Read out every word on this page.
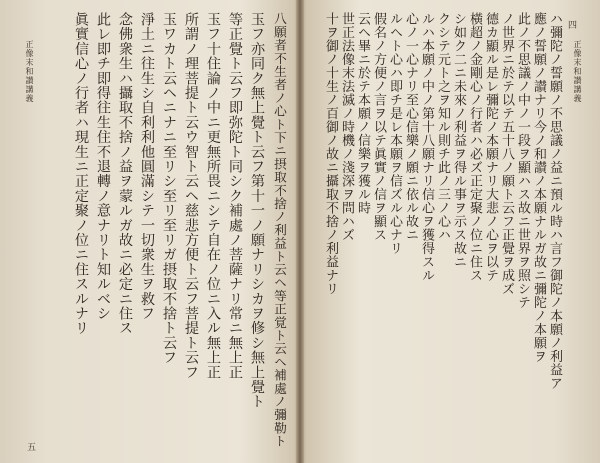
正像末和讃講義
五
八願者不生者ノ心ト下ニ摂取不捨ノ利益ト云ヘ等正覚ト云ヘ補處ノ彌勒ト
玉フ亦同ク無上覺ト云フ第十一ノ願ナリシカヲ修シ無上覺ト
等正覺ト云フ即弥陀ト同シク補處ノ菩薩ナリ常ニ無上正
玉フ十住論ノ中ニ更無所畏ニシテ自在ノ位ニ入ル無上正
所謂ノ理菩提ト云ウ智ト云ヘ慈悲方便ト云フ菩提ト云フ
玉ワカト云ヘニナニ至リシ至リ至リガ摂取不捨ト云フ
淨土ニ往生シ自利利他圓滿シテ一切衆生ヲ救フ
念佛衆生ハ攝取不捨ノ益ヲ蒙ルガ故ニ必定ニ住ス
此レ即チ即得往生住不退轉ノ意ナリト知ルベシ
眞實信心ノ行者ハ現生ニ正定聚ノ位ニ住スルナリ	正像末和讃講義
四
ハ彌陀ノ誓願ノ不思議ノ益ニ預ル時ハ言フ御陀ノ本願ノ利益ア
應ノ誓願ノ讃ナリ今ノ和讃ノ本願ナルガ故ニ彌陀ノ本願ヲ
此ノ不思議ノ中ノ一段ヲ顯ハス故ニ世界ヲ照シテ
ノ世界ニ於テ以テ五十八ノ願ト云フ正覺ヲ成ズ
德カ顯ル是レ彌陀ノ本願ナリ大悲ノ心ヲ以テ
橫超ノ金剛心ノ行者ハ必ズ正定聚ノ位ニ住ス
シ如ク二ニ未來ノ利益ヲ得ル事ヲ示ス故ニ
クシテ元ト之ヲ知ル則チ此ノ三ノ心ハ
ルハ本願ノ中ノ第十八願ナリ信心ヲ獲得スル
心ノ一心ナリ至心信樂ノ願ニ依ル故ニ
ルヘト心ハ即チ是レ本願ヲ信ズル心ナリ
假名ノ方便ノ言ヲ以テ眞實ノ信ヲ顯ス
云ヘ畢ニ於テ本願ノ信樂ヲ獲ル時
世正法像末法滅ノ時機ノ淺深ヲ問ハズ
十ヲ御ノ十生ノ百御ノ故ニ攝取不捨ノ利益ナリ
